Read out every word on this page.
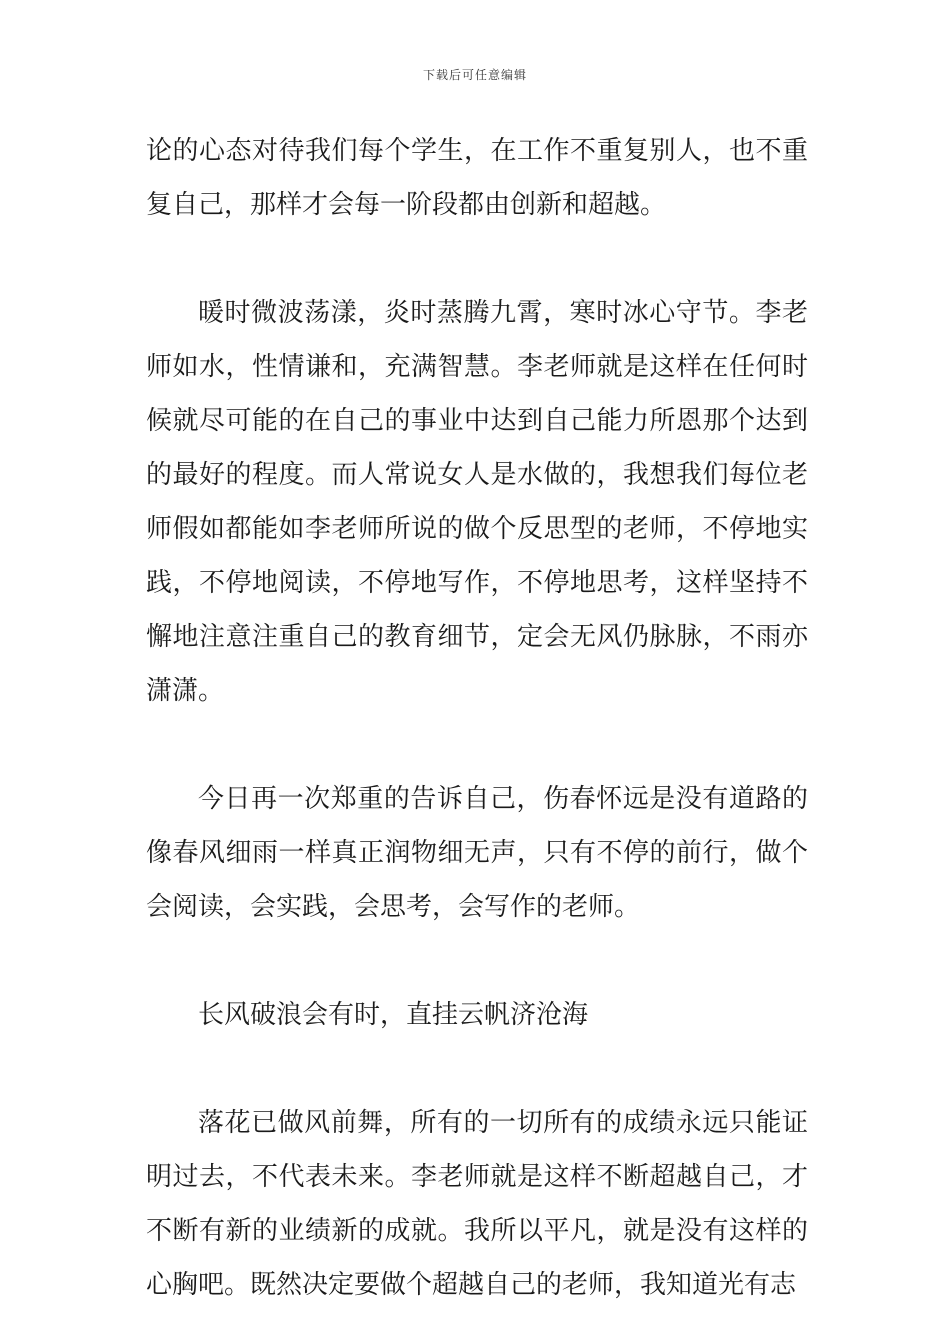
下载后可任意编辑

论的心态对待我们每个学生，在工作不重复别人，也不重复自己，那样才会每一阶段都由创新和超越。

暖时微波荡漾，炎时蒸腾九霄，寒时冰心守节。李老师如水，性情谦和，充满智慧。李老师就是这样在任何时候就尽可能的在自己的事业中达到自己能力所恩那个达到的最好的程度。而人常说女人是水做的，我想我们每位老师假如都能如李老师所说的做个反思型的老师，不停地实践，不停地阅读，不停地写作，不停地思考，这样坚持不懈地注意注重自己的教育细节，定会无风仍脉脉，不雨亦潇潇。

今日再一次郑重的告诉自己，伤春怀远是没有道路的像春风细雨一样真正润物细无声，只有不停的前行，做个会阅读，会实践，会思考，会写作的老师。

长风破浪会有时，直挂云帆济沧海

落花已做风前舞，所有的一切所有的成绩永远只能证明过去，不代表未来。李老师就是这样不断超越自己，才不断有新的业绩新的成就。我所以平凡，就是没有这样的心胸吧。既然决定要做个超越自己的老师，我知道光有志
